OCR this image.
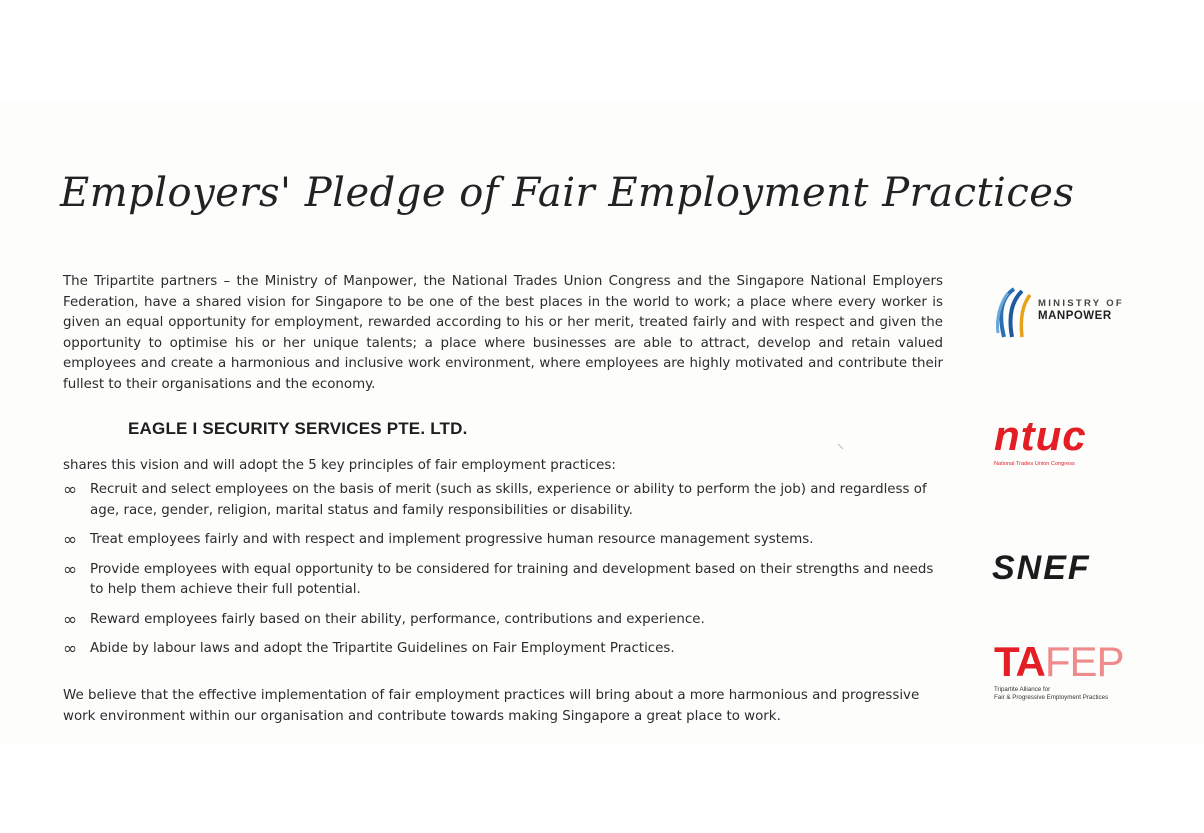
Employers' Pledge of Fair Employment Practices
The Tripartite partners – the Ministry of Manpower, the National Trades Union Congress and the Singapore National Employers Federation, have a shared vision for Singapore to be one of the best places in the world to work; a place where every worker is given an equal opportunity for employment, rewarded according to his or her merit, treated fairly and with respect and given the opportunity to optimise his or her unique talents; a place where businesses are able to attract, develop and retain valued employees and create a harmonious and inclusive work environment, where employees are highly motivated and contribute their fullest to their organisations and the economy.
EAGLE I SECURITY SERVICES PTE. LTD.
shares this vision and will adopt the 5 key principles of fair employment practices:
∞ Recruit and select employees on the basis of merit (such as skills, experience or ability to perform the job) and regardless of age, race, gender, religion, marital status and family responsibilities or disability.
∞ Treat employees fairly and with respect and implement progressive human resource management systems.
∞ Provide employees with equal opportunity to be considered for training and development based on their strengths and needs to help them achieve their full potential.
∞ Reward employees fairly based on their ability, performance, contributions and experience.
∞ Abide by labour laws and adopt the Tripartite Guidelines on Fair Employment Practices.
We believe that the effective implementation of fair employment practices will bring about a more harmonious and progressive work environment within our organisation and contribute towards making Singapore a great place to work.
MINISTRY OF
MANPOWER
ntuc
National Trades Union Congress
SNEF
TAFEP
Tripartite Alliance for
Fair & Progressive Employment Practices
